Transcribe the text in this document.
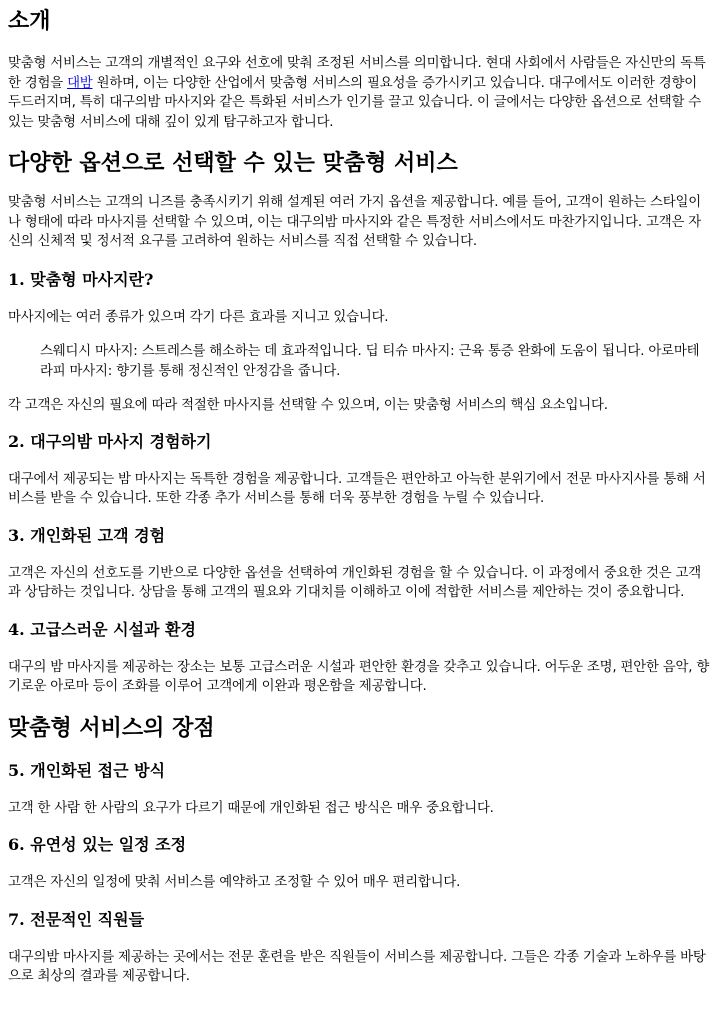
소개

맞춤형 서비스는 고객의 개별적인 요구와 선호에 맞춰 조정된 서비스를 의미합니다. 현대 사회에서 사람들은 자신만의 독특한 경험을 대밤 원하며, 이는 다양한 산업에서 맞춤형 서비스의 필요성을 증가시키고 있습니다. 대구에서도 이러한 경향이 두드러지며, 특히 대구의밤 마사지와 같은 특화된 서비스가 인기를 끌고 있습니다. 이 글에서는 다양한 옵션으로 선택할 수 있는 맞춤형 서비스에 대해 깊이 있게 탐구하고자 합니다.

다양한 옵션으로 선택할 수 있는 맞춤형 서비스

맞춤형 서비스는 고객의 니즈를 충족시키기 위해 설계된 여러 가지 옵션을 제공합니다. 예를 들어, 고객이 원하는 스타일이나 형태에 따라 마사지를 선택할 수 있으며, 이는 대구의밤 마사지와 같은 특정한 서비스에서도 마찬가지입니다. 고객은 자신의 신체적 및 정서적 요구를 고려하여 원하는 서비스를 직접 선택할 수 있습니다.

1. 맞춤형 마사지란?

마사지에는 여러 종류가 있으며 각기 다른 효과를 지니고 있습니다.

스웨디시 마사지: 스트레스를 해소하는 데 효과적입니다. 딥 티슈 마사지: 근육 통증 완화에 도움이 됩니다. 아로마테라피 마사지: 향기를 통해 정신적인 안정감을 줍니다.

각 고객은 자신의 필요에 따라 적절한 마사지를 선택할 수 있으며, 이는 맞춤형 서비스의 핵심 요소입니다.

2. 대구의밤 마사지 경험하기

대구에서 제공되는 밤 마사지는 독특한 경험을 제공합니다. 고객들은 편안하고 아늑한 분위기에서 전문 마사지사를 통해 서비스를 받을 수 있습니다. 또한 각종 추가 서비스를 통해 더욱 풍부한 경험을 누릴 수 있습니다.

3. 개인화된 고객 경험

고객은 자신의 선호도를 기반으로 다양한 옵션을 선택하여 개인화된 경험을 할 수 있습니다. 이 과정에서 중요한 것은 고객과 상담하는 것입니다. 상담을 통해 고객의 필요와 기대치를 이해하고 이에 적합한 서비스를 제안하는 것이 중요합니다.

4. 고급스러운 시설과 환경

대구의 밤 마사지를 제공하는 장소는 보통 고급스러운 시설과 편안한 환경을 갖추고 있습니다. 어두운 조명, 편안한 음악, 향기로운 아로마 등이 조화를 이루어 고객에게 이완과 평온함을 제공합니다.

맞춤형 서비스의 장점
5. 개인화된 접근 방식

고객 한 사람 한 사람의 요구가 다르기 때문에 개인화된 접근 방식은 매우 중요합니다.

6. 유연성 있는 일정 조정

고객은 자신의 일정에 맞춰 서비스를 예약하고 조정할 수 있어 매우 편리합니다.

7. 전문적인 직원들

대구의밤 마사지를 제공하는 곳에서는 전문 훈련을 받은 직원들이 서비스를 제공합니다. 그들은 각종 기술과 노하우를 바탕으로 최상의 결과를 제공합니다.
